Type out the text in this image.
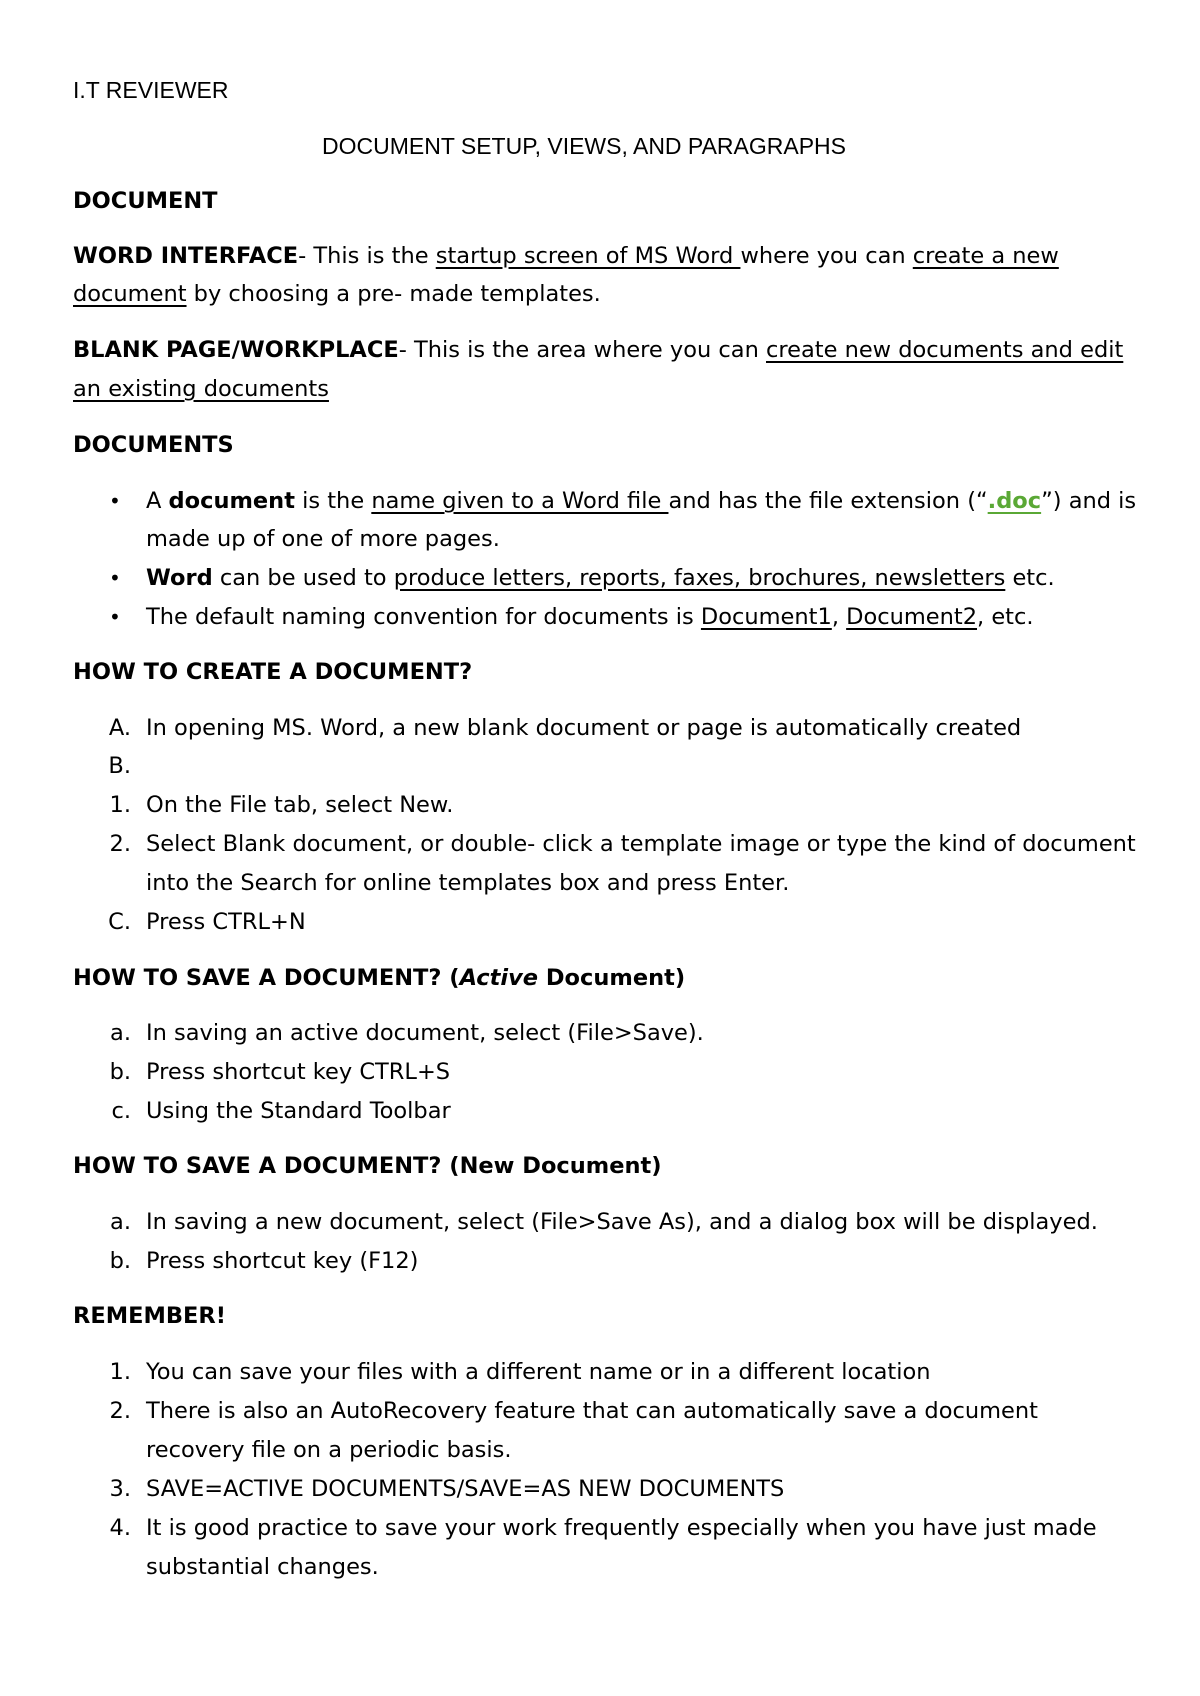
I.T REVIEWER
DOCUMENT SETUP, VIEWS, AND PARAGRAPHS
DOCUMENT
WORD INTERFACE- This is the startup screen of MS Word where you can create a new
document by choosing a pre- made templates.
BLANK PAGE/WORKPLACE- This is the area where you can create new documents and edit
an existing documents
DOCUMENTS
• A document is the name given to a Word file and has the file extension (“.doc”) and is
made up of one of more pages.
• Word can be used to produce letters, reports, faxes, brochures, newsletters etc.
• The default naming convention for documents is Document1, Document2, etc.
HOW TO CREATE A DOCUMENT?
A. In opening MS. Word, a new blank document or page is automatically created
B.
1. On the File tab, select New.
2. Select Blank document, or double- click a template image or type the kind of document
into the Search for online templates box and press Enter.
C. Press CTRL+N
HOW TO SAVE A DOCUMENT? (Active Document)
a. In saving an active document, select (File>Save).
b. Press shortcut key CTRL+S
c. Using the Standard Toolbar
HOW TO SAVE A DOCUMENT? (New Document)
a. In saving a new document, select (File>Save As), and a dialog box will be displayed.
b. Press shortcut key (F12)
REMEMBER!
1. You can save your files with a different name or in a different location
2. There is also an AutoRecovery feature that can automatically save a document
recovery file on a periodic basis.
3. SAVE=ACTIVE DOCUMENTS/SAVE=AS NEW DOCUMENTS
4. It is good practice to save your work frequently especially when you have just made
substantial changes.
